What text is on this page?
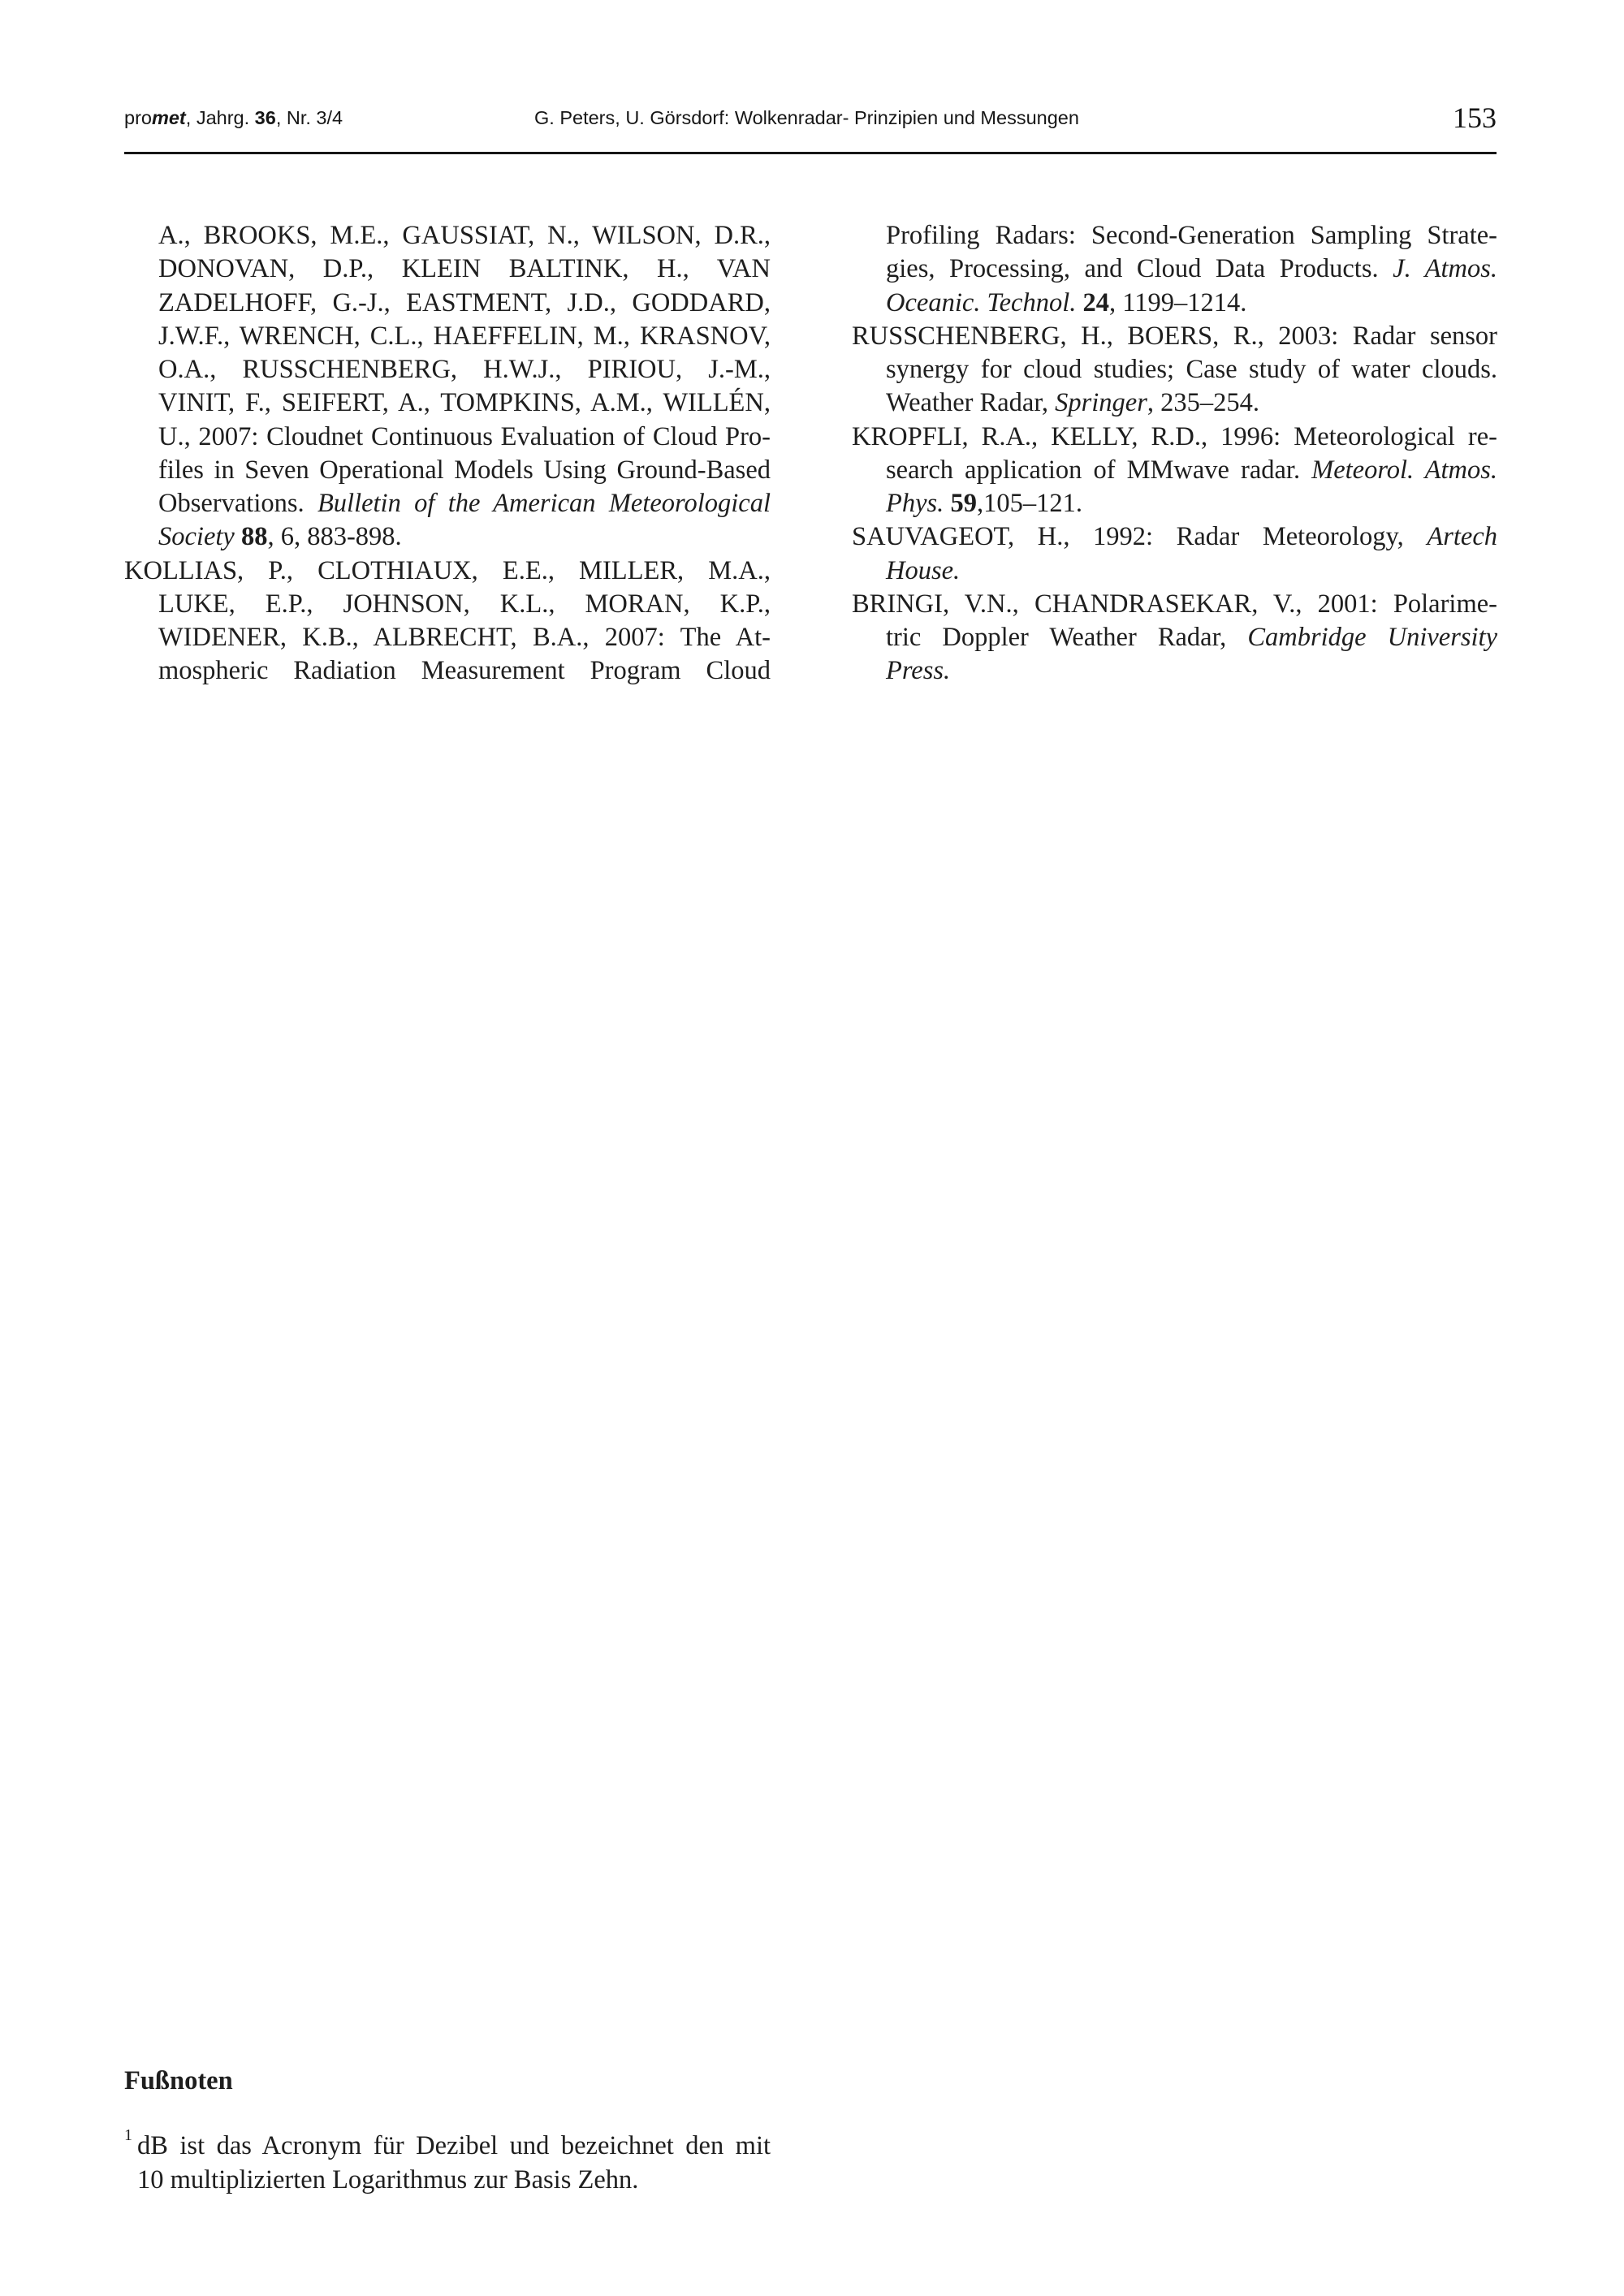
promet, Jahrg. 36, Nr. 3/4	G. Peters, U. Görsdorf: Wolkenradar- Prinzipien und Messungen	153
A., BROOKS, M.E., GAUSSIAT, N., WILSON, D.R.,
DONOVAN, D.P., KLEIN BALTINK, H., VAN
ZADELHOFF, G.-J., EASTMENT, J.D., GODDARD,
J.W.F., WRENCH, C.L., HAEFFELIN, M., KRASNOV,
O.A., RUSSCHENBERG, H.W.J., PIRIOU, J.-M.,
VINIT, F., SEIFERT, A., TOMPKINS, A.M., WILLÉN,
U., 2007: Cloudnet Continuous Evaluation of Cloud Pro-
files in Seven Operational Models Using Ground-Based
Observations. Bulletin of the American Meteorological
Society 88, 6, 883-898.
KOLLIAS, P., CLOTHIAUX, E.E., MILLER, M.A.,
LUKE, E.P., JOHNSON, K.L., MORAN, K.P.,
WIDENER, K.B., ALBRECHT, B.A., 2007: The At-
mospheric Radiation Measurement Program Cloud
Profiling Radars: Second-Generation Sampling Strate-
gies, Processing, and Cloud Data Products. J. Atmos.
Oceanic. Technol. 24, 1199–1214.
RUSSCHENBERG, H., BOERS, R., 2003: Radar sensor
synergy for cloud studies; Case study of water clouds.
Weather Radar, Springer, 235–254.
KROPFLI, R.A., KELLY, R.D., 1996: Meteorological re-
search application of MMwave radar. Meteorol. Atmos.
Phys. 59,105–121.
SAUVAGEOT, H., 1992: Radar Meteorology, Artech
House.
BRINGI, V.N., CHANDRASEKAR, V., 2001: Polarime-
tric Doppler Weather Radar, Cambridge University
Press.
Fußnoten
1 dB ist das Acronym für Dezibel und bezeichnet den mit
10 multiplizierten Logarithmus zur Basis Zehn.
